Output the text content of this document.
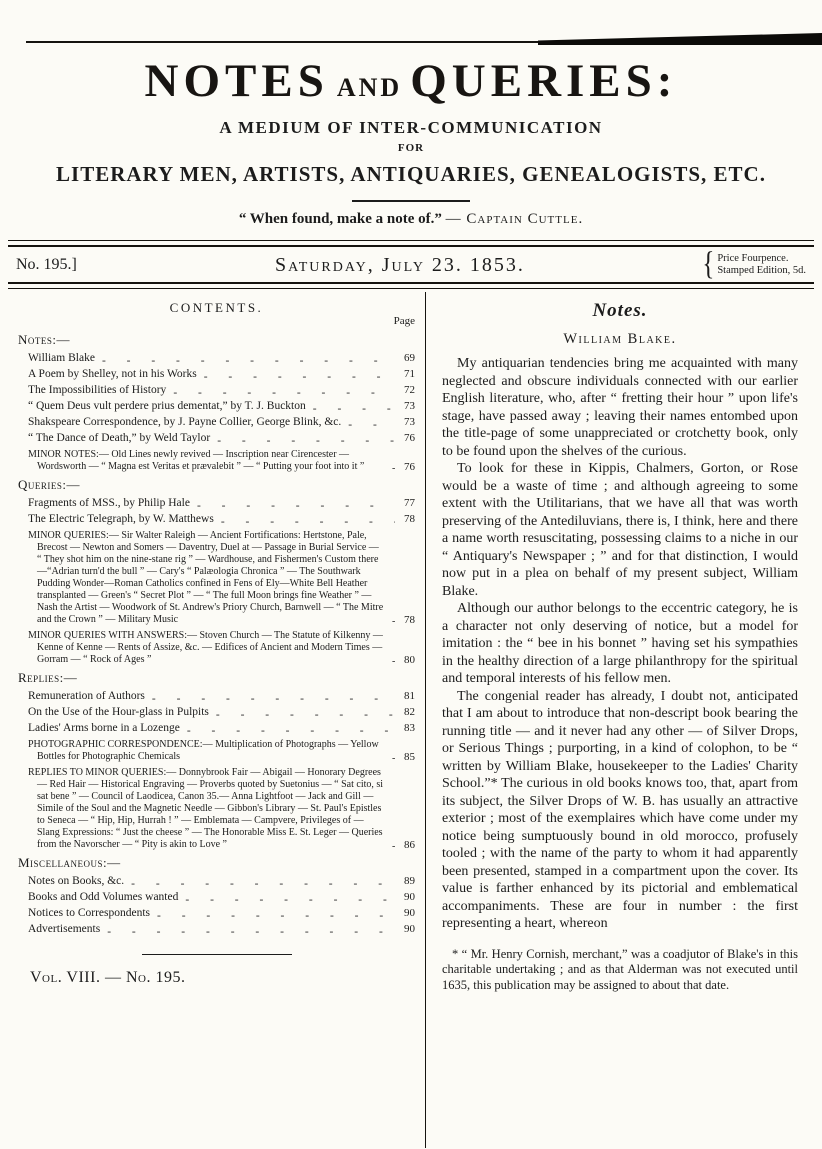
NOTES AND QUERIES:
A MEDIUM OF INTER-COMMUNICATION
FOR
LITERARY MEN, ARTISTS, ANTIQUARIES, GENEALOGISTS, ETC.
“ When found, make a note of.” — Captain Cuttle.
No. 195.]	Saturday, July 23. 1853.	{ Price Fourpence.
Stamped Edition, 5d.
CONTENTS.
Page
Notes:—
William Blake - -	69
A Poem by Shelley, not in his Works - -	71
The Impossibilities of History - -	72
“ Quem Deus vult perdere prius dementat,” by T. J. Buckton - -	73
Shakspeare Correspondence, by J. Payne Collier, George Blink, &c. - -	73
“ The Dance of Death,” by Weld Taylor - -	76
MINOR NOTES:— Old Lines newly revived — Inscription near Cirencester — Wordsworth — “ Magna est Veritas et prævalebit ” — “ Putting your foot into it ” - -	76
Queries:—
Fragments of MSS., by Philip Hale - -	77
The Electric Telegraph, by W. Matthews - -	78
MINOR QUERIES:— Sir Walter Raleigh — Ancient Fortifications: Hertstone, Pale, Brecost — Newton and Somers — Daventry, Duel at — Passage in Burial Service — “ They shot him on the nine-stane rig ” — Wardhouse, and Fishermen's Custom there—“Adrian turn'd the bull ” — Cary's “ Palæologia Chronica ” — The Southwark Pudding Wonder—Roman Catholics confined in Fens of Ely—White Bell Heather transplanted — Green's “ Secret Plot ” — “ The full Moon brings fine Weather ” — Nash the Artist — Woodwork of St. Andrew's Priory Church, Barnwell — “ The Mitre and the Crown ” — Military Music - -	78
MINOR QUERIES WITH ANSWERS:— Stoven Church — The Statute of Kilkenny — Kenne of Kenne — Rents of Assize, &c. — Edifices of Ancient and Modern Times — Gorram — “ Rock of Ages ” - -	80
Replies:—
Remuneration of Authors - -	81
On the Use of the Hour-glass in Pulpits - -	82
Ladies' Arms borne in a Lozenge - -	83
PHOTOGRAPHIC CORRESPONDENCE:— Multiplication of Photographs — Yellow Bottles for Photographic Chemicals - -	85
REPLIES TO MINOR QUERIES:— Donnybrook Fair — Abigail — Honorary Degrees — Red Hair — Historical Engraving — Proverbs quoted by Suetonius — “ Sat cito, si sat bene ” — Council of Laodicea, Canon 35.— Anna Lightfoot — Jack and Gill — Simile of the Soul and the Magnetic Needle — Gibbon's Library — St. Paul's Epistles to Seneca — “ Hip, Hip, Hurrah ! ” — Emblemata — Campvere, Privileges of — Slang Expressions: “ Just the cheese ” — The Honorable Miss E. St. Leger — Queries from the Navorscher — “ Pity is akin to Love ” - -	86
Miscellaneous:—
Notes on Books, &c. - -	89
Books and Odd Volumes wanted - -	90
Notices to Correspondents - -	90
Advertisements - -	90
Vol. VIII. — No. 195.
Notes.
William Blake.

My antiquarian tendencies bring me acquainted with many neglected and obscure individuals connected with our earlier English literature, who, after “ fretting their hour ” upon life's stage, have passed away ; leaving their names entombed upon the title-page of some unappreciated or crotchetty book, only to be found upon the shelves of the curious.

To look for these in Kippis, Chalmers, Gorton, or Rose would be a waste of time ; and although agreeing to some extent with the Utilitarians, that we have all that was worth preserving of the Antediluvians, there is, I think, here and there a name worth resuscitating, possessing claims to a niche in our “ Antiquary's Newspaper ; ” and for that distinction, I would now put in a plea on behalf of my present subject, William Blake.

Although our author belongs to the eccentric category, he is a character not only deserving of notice, but a model for imitation : the “ bee in his bonnet ” having set his sympathies in the healthy direction of a large philanthropy for the spiritual and temporal interests of his fellow men.

The congenial reader has already, I doubt not, anticipated that I am about to introduce that non-descript book bearing the running title — and it never had any other — of Silver Drops, or Serious Things ; purporting, in a kind of colophon, to be “ written by William Blake, housekeeper to the Ladies' Charity School.”* The curious in old books knows too, that, apart from its subject, the Silver Drops of W. B. has usually an attractive exterior ; most of the exemplaires which have come under my notice being sumptuously bound in old morocco, profusely tooled ; with the name of the party to whom it had apparently been presented, stamped in a compartment upon the cover. Its value is farther enhanced by its pictorial and emblematical accompaniments. These are four in number : the first representing a heart, whereon

* “ Mr. Henry Cornish, merchant,” was a coadjutor of Blake's in this charitable undertaking ; and as that Alderman was not executed until 1635, this publication may be assigned to about that date.
